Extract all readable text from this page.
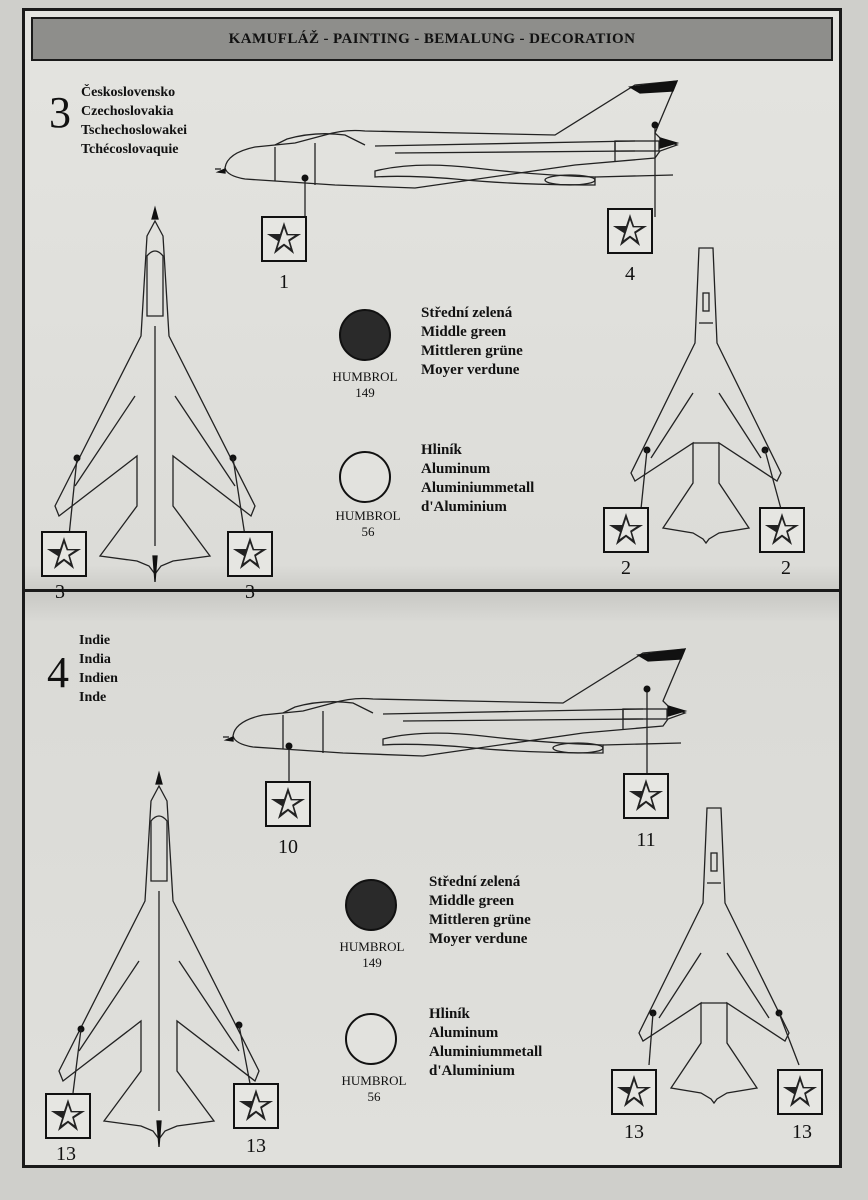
KAMUFLÁŽ - PAINTING - BEMALUNG - DECORATION
3 Československo
Czechoslovakia
Tschechoslowakei
Tchécoslovaquie
1	4
3	3
2	2
HUMBROL
149
Střední zelená
Middle green
Mittleren grüne
Moyer verdune
HUMBROL
56
Hliník
Aluminum
Aluminiummetall
d'Aluminium
4
Indie
India
Indien
Inde
10	11
13	13
13	13
HUMBROL
149
Střední zelená
Middle green
Mittleren grüne
Moyer verdune
HUMBROL
56
Hliník
Aluminum
Aluminiummetall
d'Aluminium
